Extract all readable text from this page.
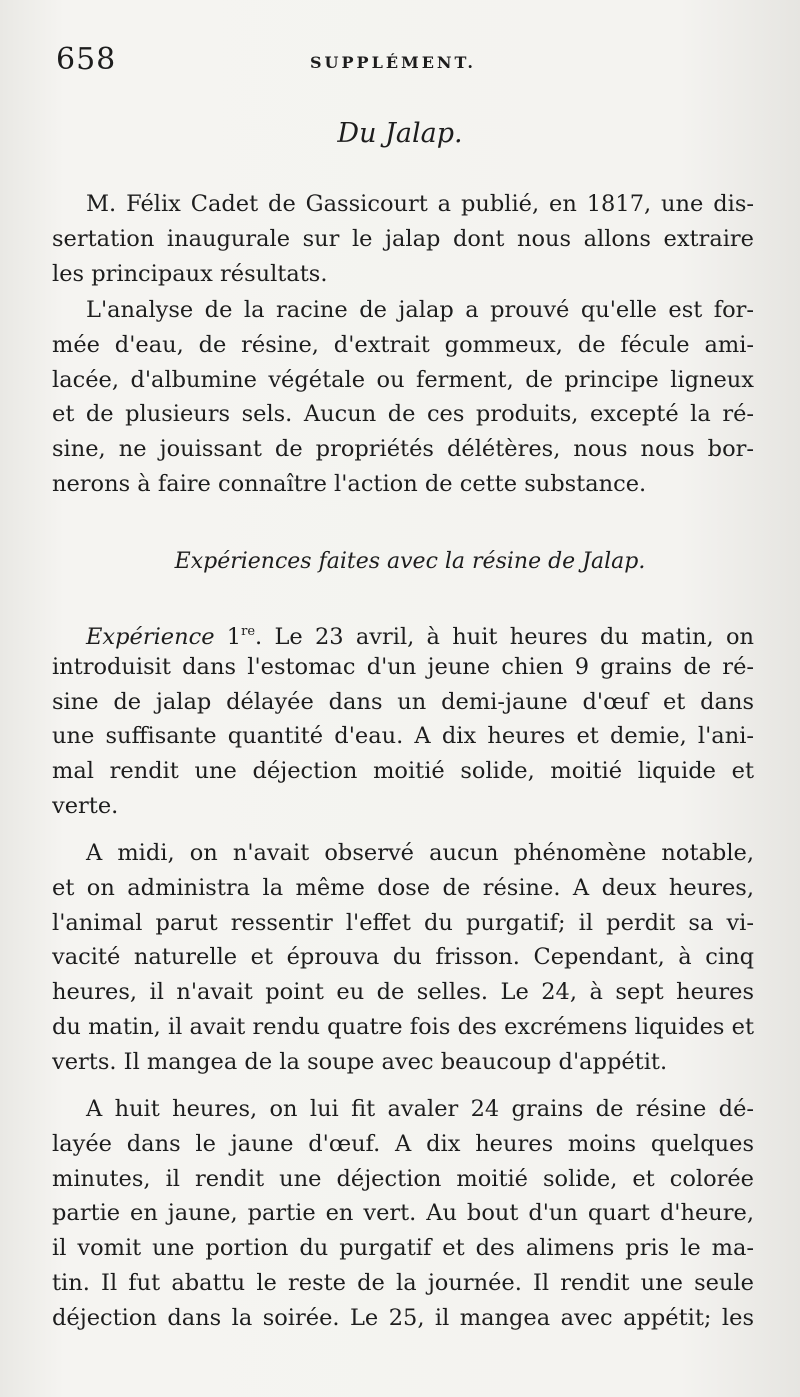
658	SUPPLÉMENT.
Du Jalap.
M. Félix Cadet de Gassicourt a publié, en 1817, une dis-
sertation inaugurale sur le jalap dont nous allons extraire
les principaux résultats.
L'analyse de la racine de jalap a prouvé qu'elle est for-
mée d'eau, de résine, d'extrait gommeux, de fécule ami-
lacée, d'albumine végétale ou ferment, de principe ligneux
et de plusieurs sels. Aucun de ces produits, excepté la ré-
sine, ne jouissant de propriétés délétères, nous nous bor-
nerons à faire connaître l'action de cette substance.
Expériences faites avec la résine de Jalap.
Expérience 1re. Le 23 avril, à huit heures du matin, on
introduisit dans l'estomac d'un jeune chien 9 grains de ré-
sine de jalap délayée dans un demi-jaune d'œuf et dans
une suffisante quantité d'eau. A dix heures et demie, l'ani-
mal rendit une déjection moitié solide, moitié liquide et
verte.
A midi, on n'avait observé aucun phénomène notable,
et on administra la même dose de résine. A deux heures,
l'animal parut ressentir l'effet du purgatif; il perdit sa vi-
vacité naturelle et éprouva du frisson. Cependant, à cinq
heures, il n'avait point eu de selles. Le 24, à sept heures
du matin, il avait rendu quatre fois des excrémens liquides et
verts. Il mangea de la soupe avec beaucoup d'appétit.
A huit heures, on lui fit avaler 24 grains de résine dé-
layée dans le jaune d'œuf. A dix heures moins quelques
minutes, il rendit une déjection moitié solide, et colorée
partie en jaune, partie en vert. Au bout d'un quart d'heure,
il vomit une portion du purgatif et des alimens pris le ma-
tin. Il fut abattu le reste de la journée. Il rendit une seule
déjection dans la soirée. Le 25, il mangea avec appétit; les
